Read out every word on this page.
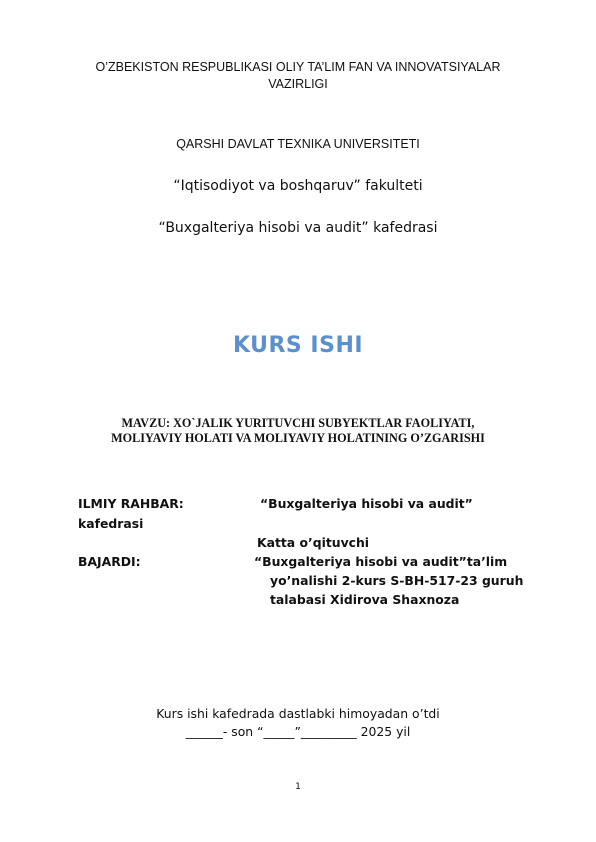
O’ZBEKISTON RESPUBLIKASI OLIY TA’LIM FAN VA INNOVATSIYALAR
VAZIRLIGI
QARSHI DAVLAT TEXNIKA UNIVERSITETI
“Iqtisodiyot va boshqaruv” fakulteti
“Buxgalteriya hisobi va audit” kafedrasi
KURS ISHI
MAVZU: XO`JALIK YURITUVCHI SUBYEKTLAR FAOLIYATI,
MOLIYAVIY HOLATI VA MOLIYAVIY HOLATINING O’ZGARISHI
ILMIY RAHBAR:	“Buxgalteriya hisobi va audit”
kafedrasi
Katta o’qituvchi
BAJARDI:	“Buxgalteriya hisobi va audit”ta’lim
yo’nalishi 2-kurs S-BH-517-23 guruh
talabasi Xidirova Shaxnoza
Kurs ishi kafedrada dastlabki himoyadan o’tdi
______- son “_____”_________ 2025 yil
1
